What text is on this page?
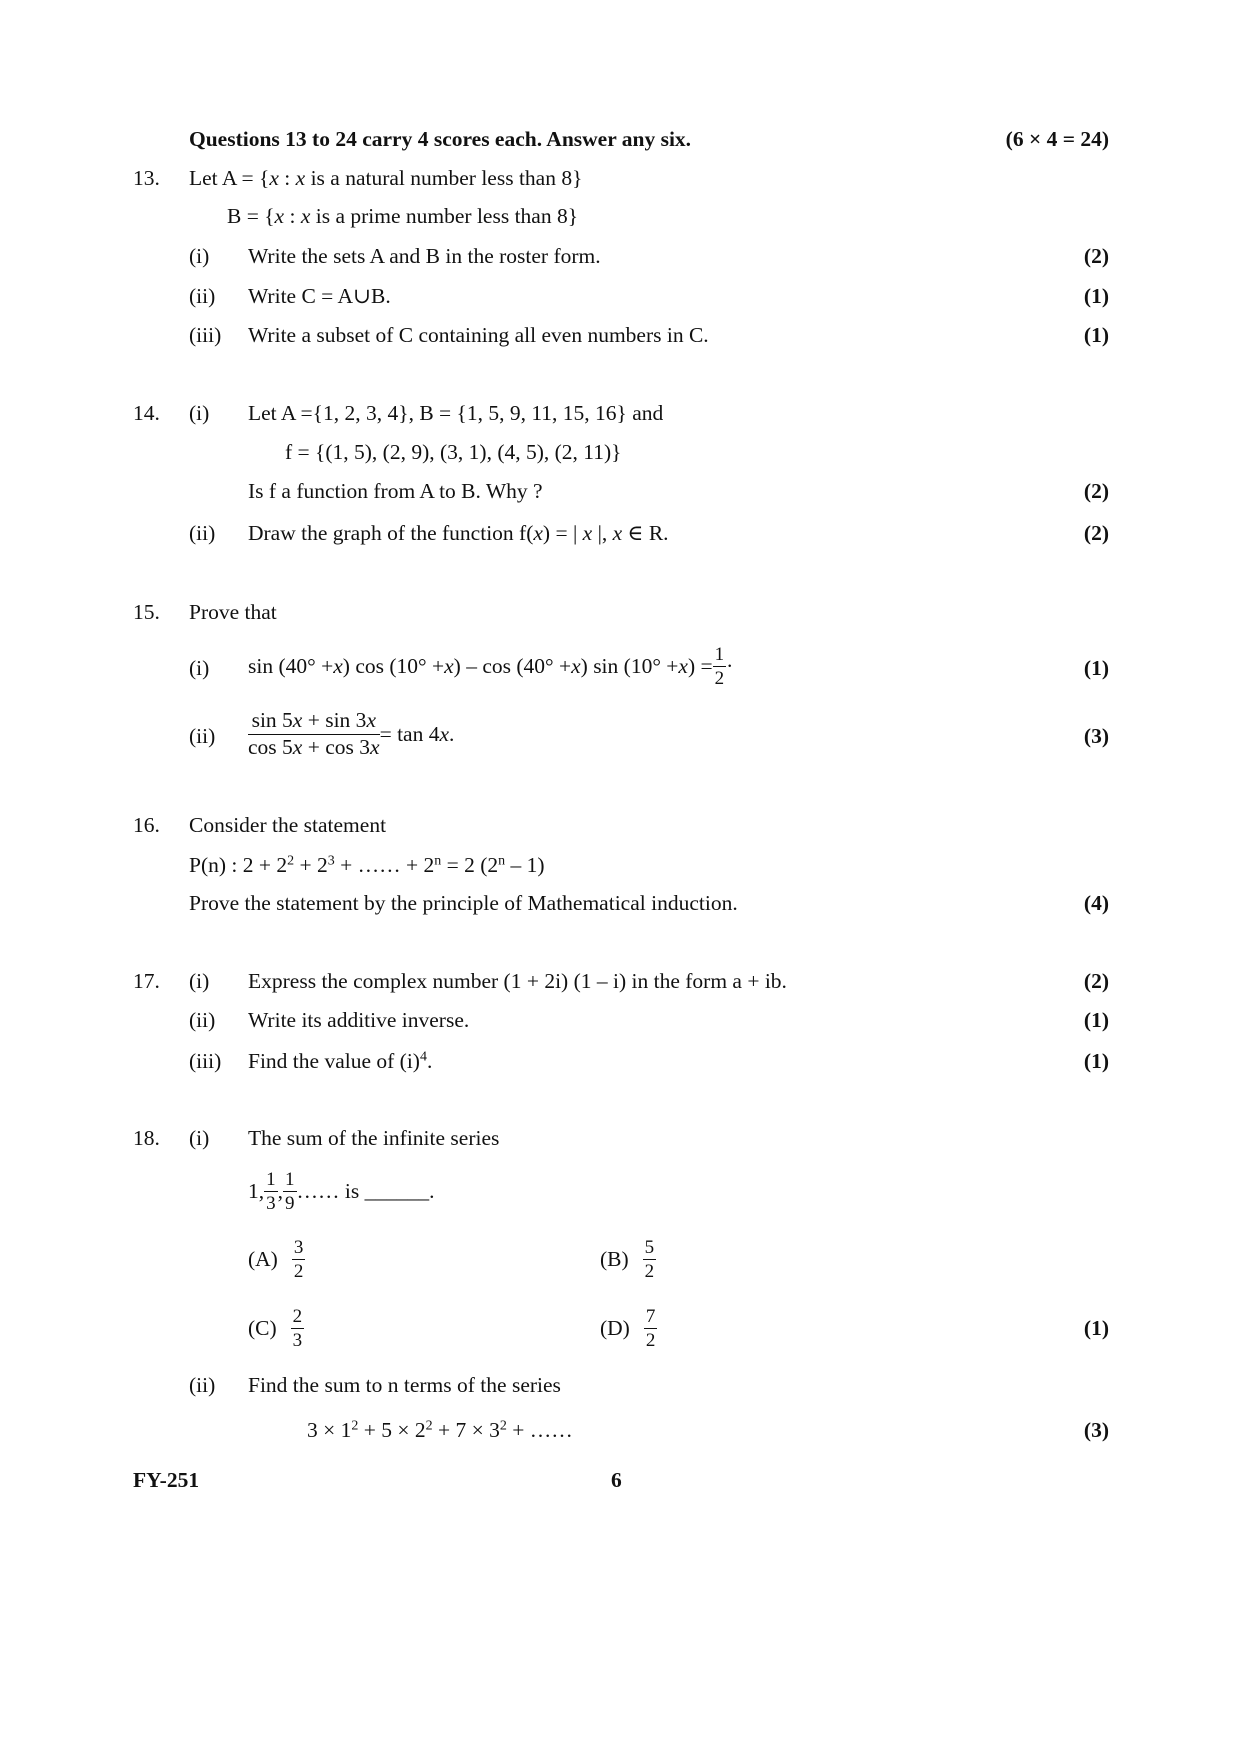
Questions 13 to 24 carry 4 scores each. Answer any six.	(6 × 4 = 24)
13. Let A = {x : x is a natural number less than 8}
B = {x : x is a prime number less than 8}
(i) Write the sets A and B in the roster form.	(2)
(ii) Write C = A∪B.	(1)
(iii) Write a subset of C containing all even numbers in C.	(1)
14. (i) Let A ={1, 2, 3, 4}, B = {1, 5, 9, 11, 15, 16} and
f = {(1, 5), (2, 9), (3, 1), (4, 5), (2, 11)}
Is f a function from A to B. Why ?	(2)
(ii) Draw the graph of the function f(x) = | x |, x ∈ R.	(2)
15. Prove that
(i) sin (40° + x ) cos (10° + x ) – cos (40° + x ) sin (10° + x ) = $\frac{1}{2}$ ·	(1)
$(ii) \frac{\sin 5x + \sin 3x}{\cos 5x + \cos 3x} = \tan 4$ x .	(3)
16. Consider the statement
P(n) : $2 + 2^2 + 2^3$ + …… + $2^n = 2$ (2$^n$ – 1)
Prove the statement by the principle of Mathematical induction.	(4)
17. (i) Express the complex number (1 + 2i) (1 – i) in the form a + ib.	(2)
(ii) Write its additive inverse.	(1)
(iii) Find the value of $(i)^4$.	(1)
18. (i) The sum of the infinite series
1, $\frac{1}{3}$ , $\frac{1}{9}$ …… is ______.
$(A) \frac{3}{2}$	$(B) \frac{5}{2}$
$(C) \frac{2}{3}$	$(D) \frac{7}{2}$	(1)
(ii) Find the sum to n terms of the series
$3 \times 1^2 + 5 \times 2^2 + 7 \times 3^2$ + ……	(3)
FY-251	6
